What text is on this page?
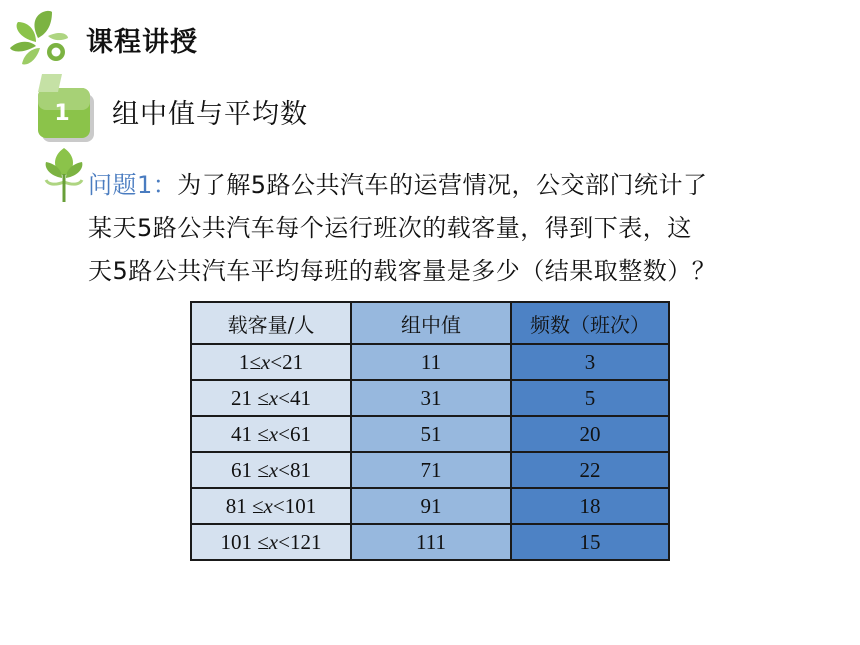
课程讲授
1 组中值与平均数
问题1：为了解5路公共汽车的运营情况，公交部门统计了
某天5路公共汽车每个运行班次的载客量，得到下表，这
天5路公共汽车平均每班的载客量是多少（结果取整数）？
载客量/人	组中值	频数（班次）
1≤x<21	11	3
21 ≤x<41	31	5
41 ≤x<61	51	20
61 ≤x<81	71	22
81 ≤x<101	91	18
101 ≤x<121	111	15
